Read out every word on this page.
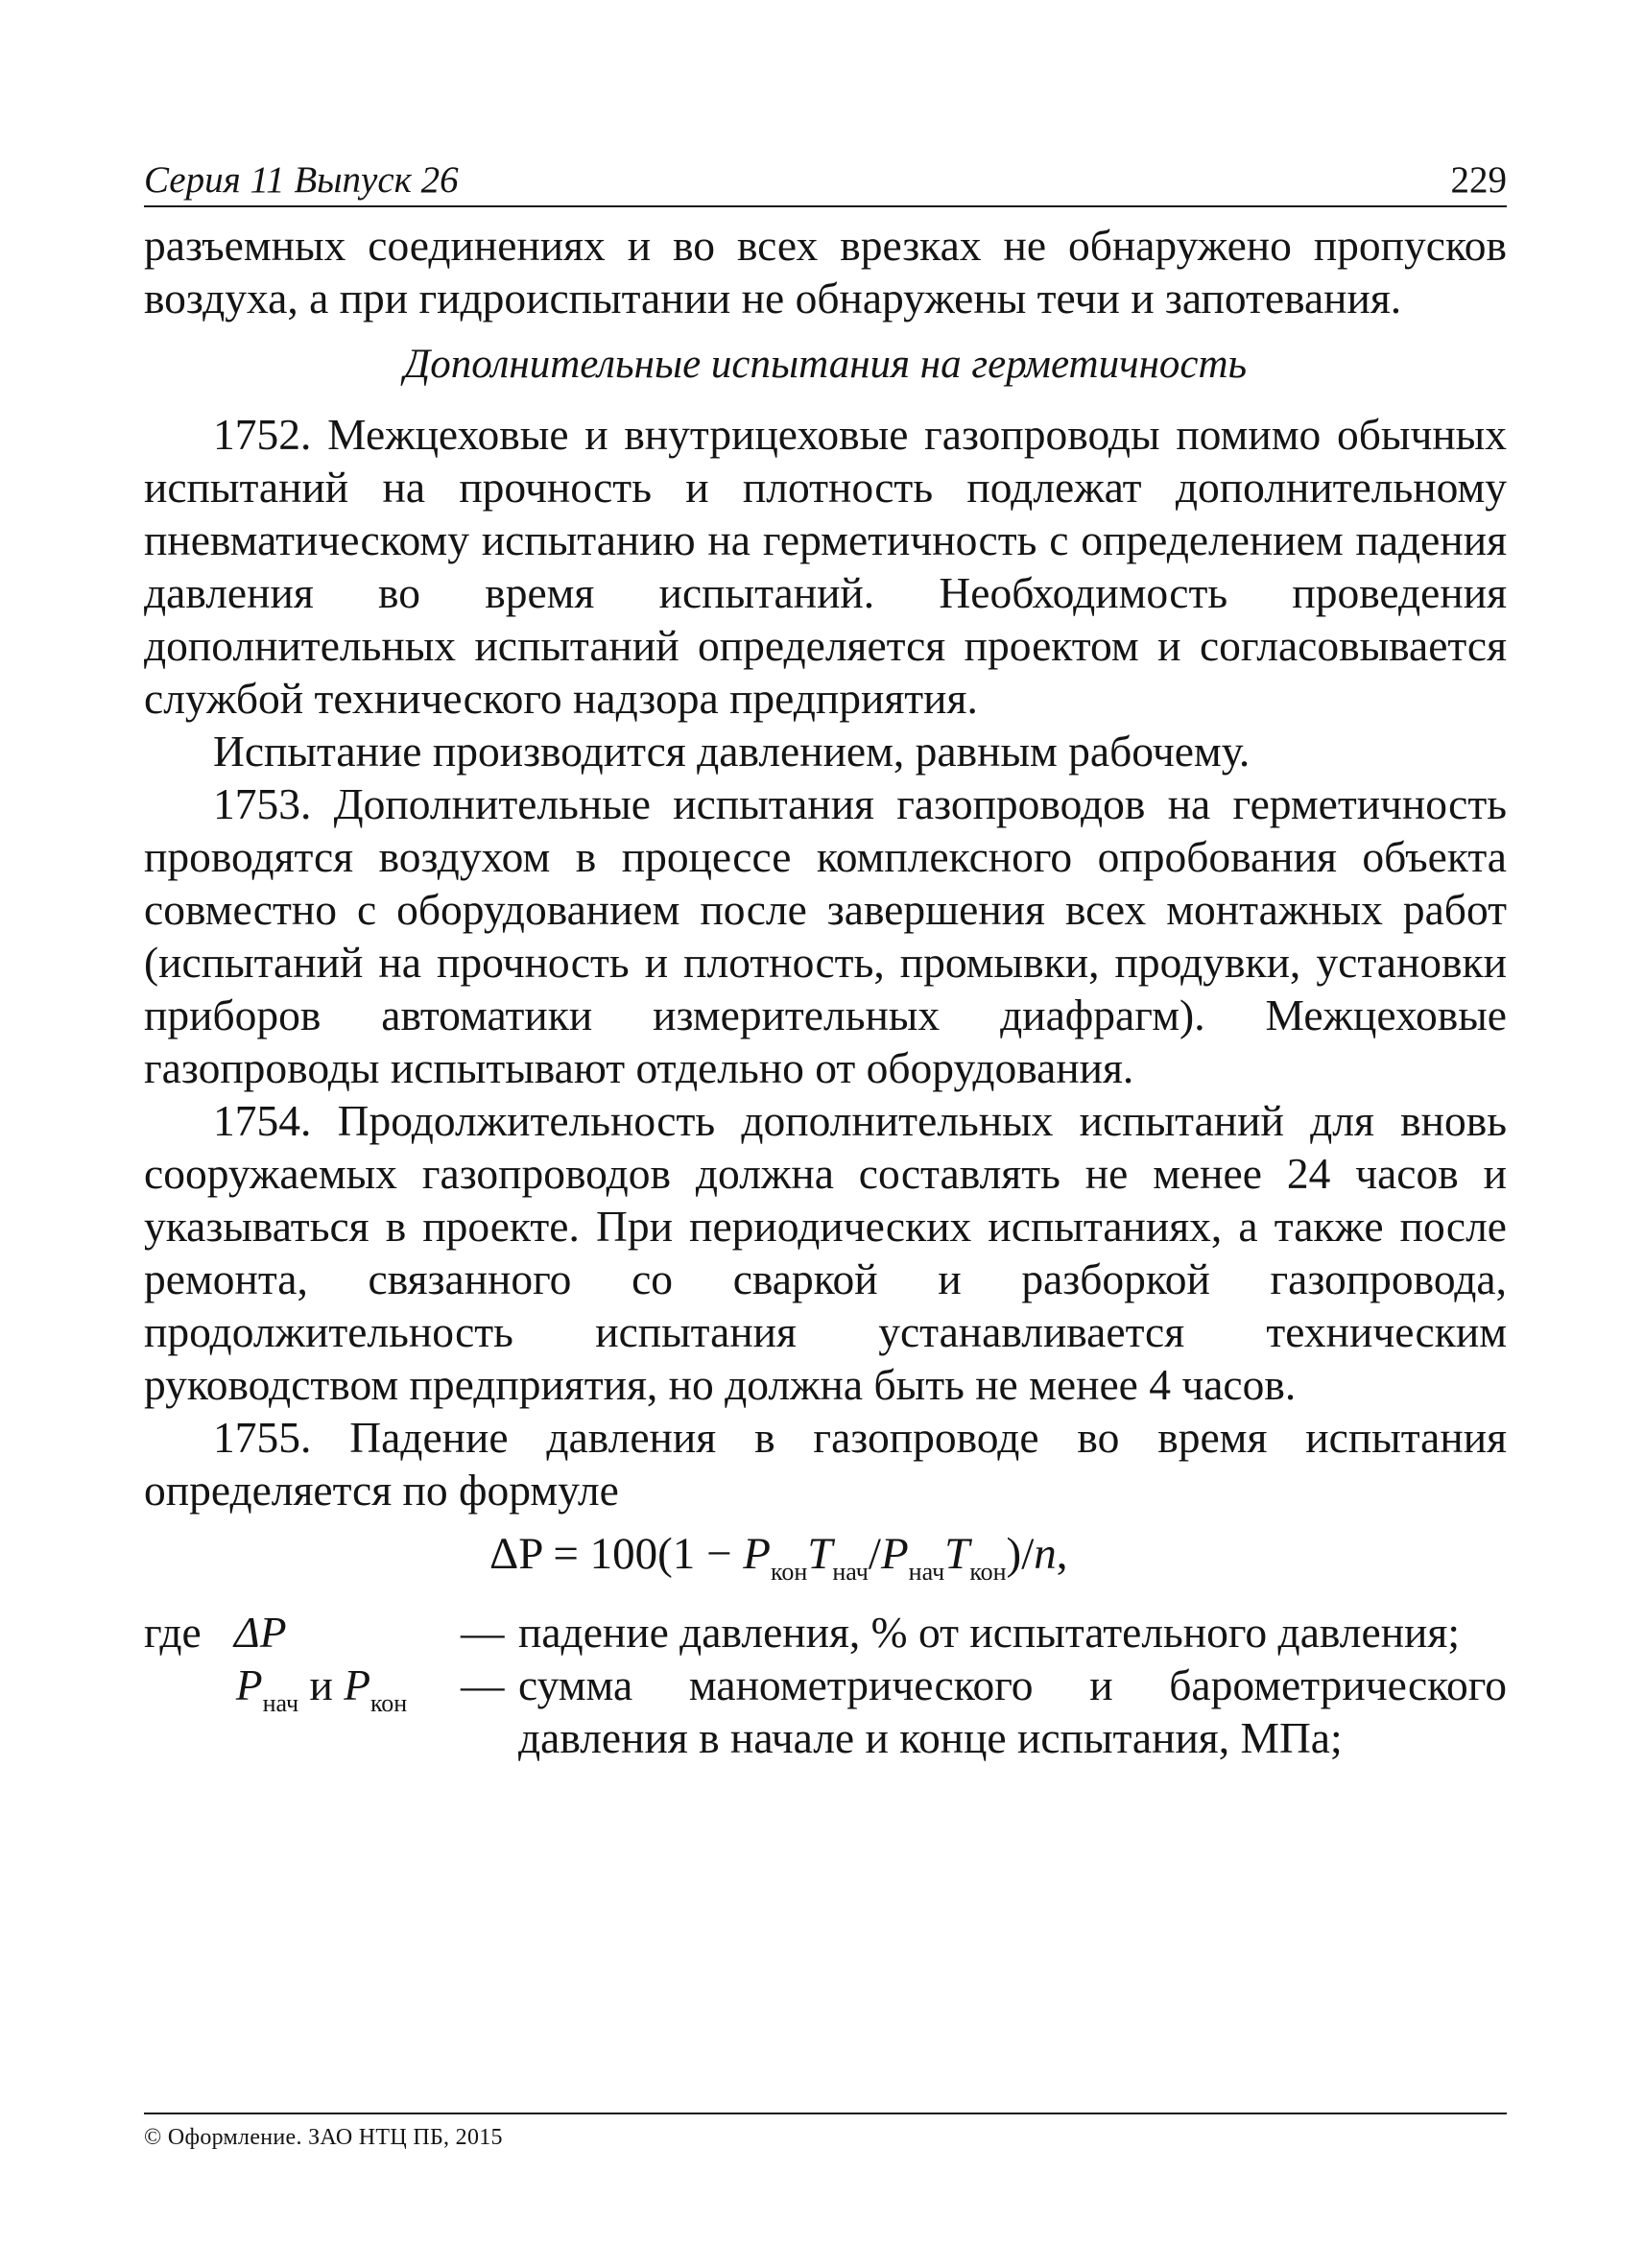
Серия 11 Выпуск 26	229

разъемных соединениях и во всех врезках не обнаружено пропусков воздуха, а при гидроиспытании не обнаружены течи и запотевания.

Дополнительные испытания на герметичность

1752. Межцеховые и внутрицеховые газопроводы помимо обычных испытаний на прочность и плотность подлежат дополнительному пневматическому испытанию на герметичность с определением падения давления во время испытаний. Необходимость проведения дополнительных испытаний определяется проектом и согласовывается службой технического надзора предприятия.

Испытание производится давлением, равным рабочему.

1753. Дополнительные испытания газопроводов на герметичность проводятся воздухом в процессе комплексного опробования объекта совместно с оборудованием после завершения всех монтажных работ (испытаний на прочность и плотность, промывки, продувки, установки приборов автоматики измерительных диафрагм). Межцеховые газопроводы испытывают отдельно от оборудования.

1754. Продолжительность дополнительных испытаний для вновь сооружаемых газопроводов должна составлять не менее 24 часов и указываться в проекте. При периодических испытаниях, а также после ремонта, связанного со сваркой и разборкой газопровода, продолжительность испытания устанавливается техническим руководством предприятия, но должна быть не менее 4 часов.

1755. Падение давления в газопроводе во время испытания определяется по формуле

$\Delta P = 100(1 - P_{кон}T_{нач}/P_{нач}T_{кон})/n$,

где	ΔP	—	падение давления, % от испытательного давления;

	$P_{нач}$ и $P_{кон}$	—	сумма манометрического и барометрического давления в начале и конце испытания, МПа;
© Оформление. ЗАО НТЦ ПБ, 2015
